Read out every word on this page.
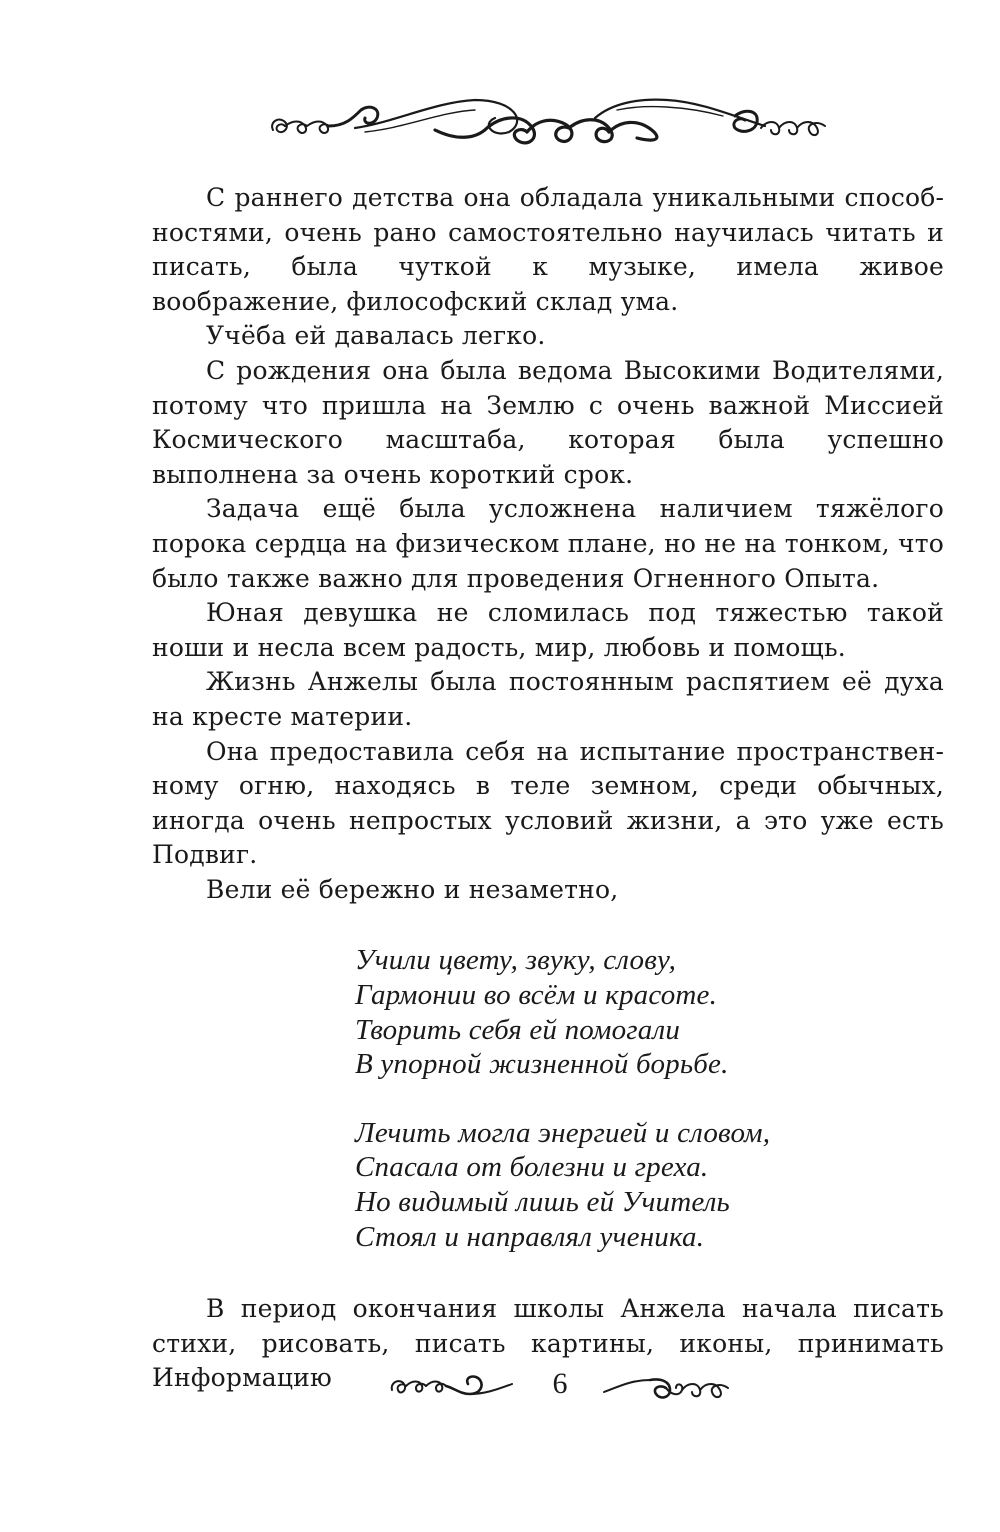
С раннего детства она обладала уникальными способностями, очень рано самостоятельно научилась читать и писать, была чуткой к музыке, имела живое воображение, философский склад ума.

Учёба ей давалась легко.

С рождения она была ведома Высокими Водителями, потому что пришла на Землю с очень важной Миссией Космического масштаба, которая была успешно выполнена за очень короткий срок.

Задача ещё была усложнена наличием тяжёлого порока сердца на физическом плане, но не на тонком, что было также важно для проведения Огненного Опыта.

Юная девушка не сломилась под тяжестью такой ноши и несла всем радость, мир, любовь и помощь.

Жизнь Анжелы была постоянным распятием её духа на кресте материи.

Она предоставила себя на испытание пространственному огню, находясь в теле земном, среди обычных, иногда очень непростых условий жизни, а это уже есть Подвиг.

Вели её бережно и незаметно,

Учили цвету, звуку, слову,
Гармонии во всём и красоте.
Творить себя ей помогали
В упорной жизненной борьбе.
Лечить могла энергией и словом,
Спасала от болезни и греха.
Но видимый лишь ей Учитель
Стоял и направлял ученика.

В период окончания школы Анжела начала писать стихи, рисовать, писать картины, иконы, принимать Информацию	6
